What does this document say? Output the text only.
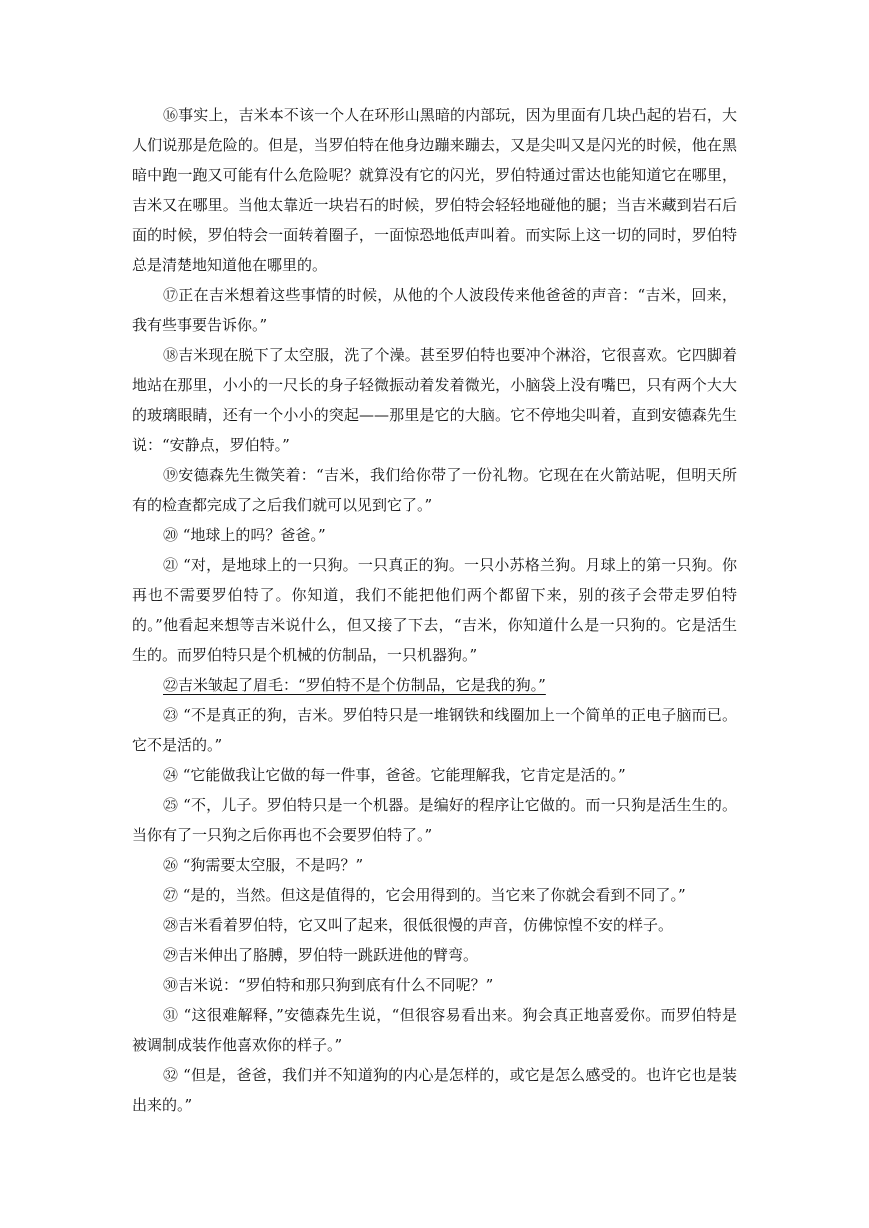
⑯事实上，吉米本不该一个人在环形山黑暗的内部玩，因为里面有几块凸起的岩石，大人们说那是危险的。但是，当罗伯特在他身边蹦来蹦去，又是尖叫又是闪光的时候，他在黑暗中跑一跑又可能有什么危险呢？就算没有它的闪光，罗伯特通过雷达也能知道它在哪里，吉米又在哪里。当他太靠近一块岩石的时候，罗伯特会轻轻地碰他的腿；当吉米藏到岩石后面的时候，罗伯特会一面转着圈子，一面惊恐地低声叫着。而实际上这一切的同时，罗伯特总是清楚地知道他在哪里的。

⑰正在吉米想着这些事情的时候，从他的个人波段传来他爸爸的声音：“吉米，回来，我有些事要告诉你。”

⑱吉米现在脱下了太空服，洗了个澡。甚至罗伯特也要冲个淋浴，它很喜欢。它四脚着地站在那里，小小的一尺长的身子轻微振动着发着微光，小脑袋上没有嘴巴，只有两个大大的玻璃眼睛，还有一个小小的突起——那里是它的大脑。它不停地尖叫着，直到安德森先生说：“安静点，罗伯特。”

⑲安德森先生微笑着：“吉米，我们给你带了一份礼物。它现在在火箭站呢，但明天所有的检查都完成了之后我们就可以见到它了。”

⑳ “地球上的吗？爸爸。”

㉑ “对，是地球上的一只狗。一只真正的狗。一只小苏格兰狗。月球上的第一只狗。你再也不需要罗伯特了。你知道，我们不能把他们两个都留下来，别的孩子会带走罗伯特的。”他看起来想等吉米说什么，但又接了下去，“吉米，你知道什么是一只狗的。它是活生生的。而罗伯特只是个机械的仿制品，一只机器狗。”

㉒吉米皱起了眉毛：“罗伯特不是个仿制品，它是我的狗。”

㉓ “不是真正的狗，吉米。罗伯特只是一堆钢铁和线圈加上一个简单的正电子脑而已。它不是活的。”

㉔ “它能做我让它做的每一件事，爸爸。它能理解我，它肯定是活的。”

㉕ “不，儿子。罗伯特只是一个机器。是编好的程序让它做的。而一只狗是活生生的。当你有了一只狗之后你再也不会要罗伯特了。”

㉖ “狗需要太空服，不是吗？”

㉗ “是的，当然。但这是值得的，它会用得到的。当它来了你就会看到不同了。”

㉘吉米看着罗伯特，它又叫了起来，很低很慢的声音，仿佛惊惶不安的样子。

㉙吉米伸出了胳膊，罗伯特一跳跃进他的臂弯。

㉚吉米说：“罗伯特和那只狗到底有什么不同呢？”

㉛ “这很难解释，”安德森先生说，“但很容易看出来。狗会真正地喜爱你。而罗伯特是被调制成装作他喜欢你的样子。”

㉜ “但是，爸爸，我们并不知道狗的内心是怎样的，或它是怎么感受的。也许它也是装出来的。”
